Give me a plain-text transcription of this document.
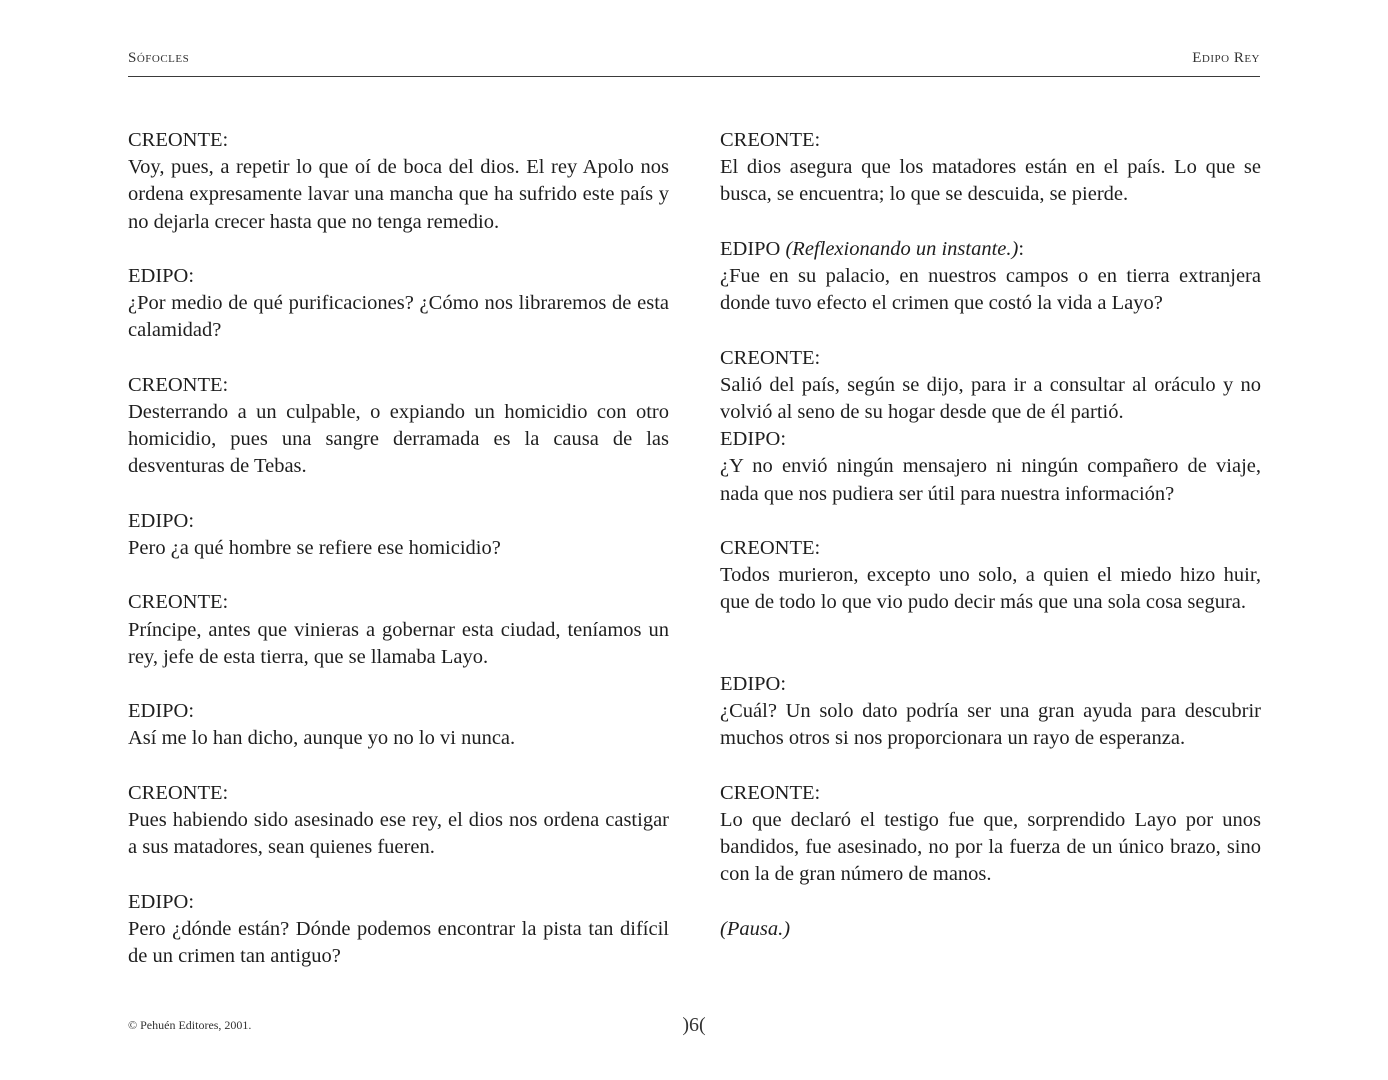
Sófocles	Edipo Rey

CREONTE:
Voy, pues, a repetir lo que oí de boca del dios. El rey Apolo nos ordena expresamente lavar una mancha que ha sufrido este país y no dejarla crecer hasta que no tenga remedio.

EDIPO:
¿Por medio de qué purificaciones? ¿Cómo nos libraremos de esta calamidad?

CREONTE:
Desterrando a un culpable, o expiando un homicidio con otro homicidio, pues una sangre derramada es la causa de las desventuras de Tebas.

EDIPO:
Pero ¿a qué hombre se refiere ese homicidio?

CREONTE:
Príncipe, antes que vinieras a gobernar esta ciudad, teníamos un rey, jefe de esta tierra, que se llamaba Layo.

EDIPO:
Así me lo han dicho, aunque yo no lo vi nunca.

CREONTE:
Pues habiendo sido asesinado ese rey, el dios nos ordena castigar a sus matadores, sean quienes fueren.

EDIPO:
Pero ¿dónde están? Dónde podemos encontrar la pista tan difícil de un crimen tan antiguo?

CREONTE:
El dios asegura que los matadores están en el país. Lo que se busca, se encuentra; lo que se descuida, se pierde.

EDIPO (Reflexionando un instante.):
¿Fue en su palacio, en nuestros campos o en tierra extranjera donde tuvo efecto el crimen que costó la vida a Layo?

CREONTE:
Salió del país, según se dijo, para ir a consultar al oráculo y no volvió al seno de su hogar desde que de él partió.

EDIPO:
¿Y no envió ningún mensajero ni ningún compañero de viaje, nada que nos pudiera ser útil para nuestra información?

CREONTE:
Todos murieron, excepto uno solo, a quien el miedo hizo huir, que de todo lo que vio pudo decir más que una sola cosa segura.

EDIPO:
¿Cuál? Un solo dato podría ser una gran ayuda para descubrir muchos otros si nos proporcionara un rayo de esperanza.

CREONTE:
Lo que declaró el testigo fue que, sorprendido Layo por unos bandidos, fue asesinado, no por la fuerza de un único brazo, sino con la de gran número de manos.

(Pausa.)

© Pehuén Editores, 2001.	)6(
